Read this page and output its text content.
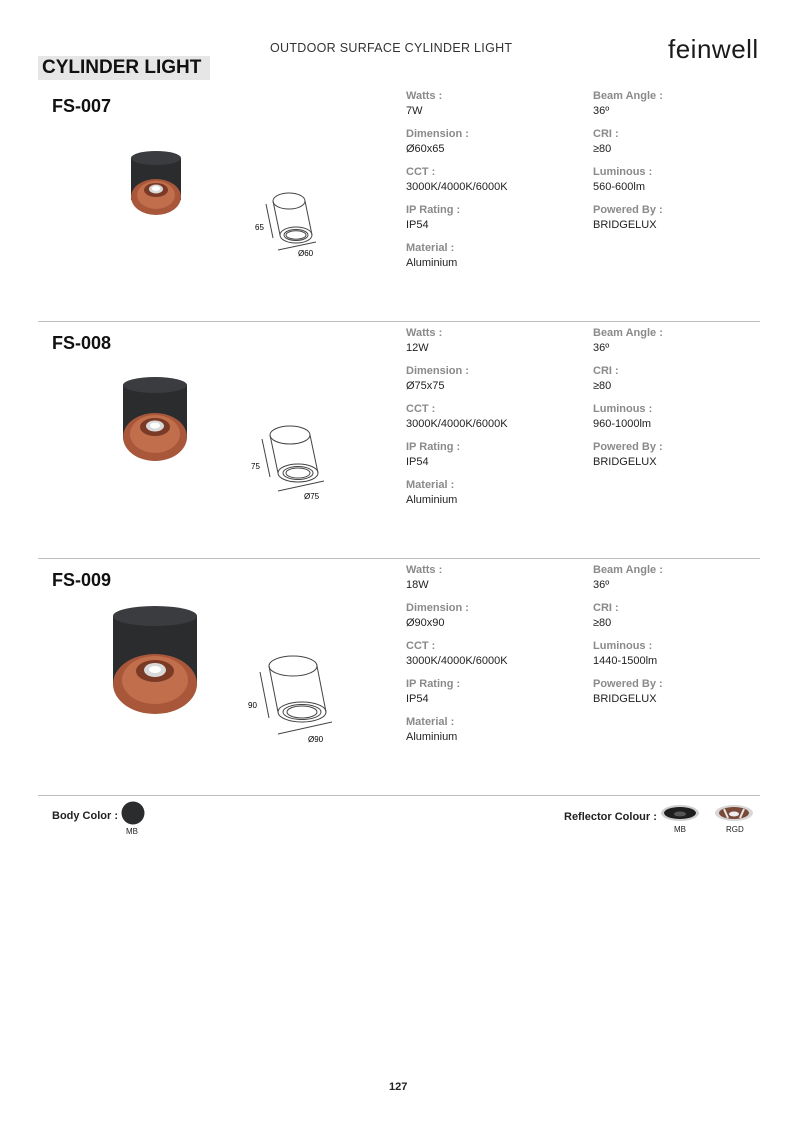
OUTDOOR SURFACE CYLINDER LIGHT	feinwell
CYLINDER LIGHT
FS-007
65
Ø60
Watts :
7W
Dimension :
Ø60x65
CCT :
3000K/4000K/6000K
IP Rating :
IP54
Material :
Aluminium
Beam Angle :
36º
CRI :
≥80
Luminous :
560-600lm
Powered By :
BRIDGELUX
FS-008
75
Ø75
Watts :
12W
Dimension :
Ø75x75
CCT :
3000K/4000K/6000K
IP Rating :
IP54
Material :
Aluminium
Beam Angle :
36º
CRI :
≥80
Luminous :
960-1000lm
Powered By :
BRIDGELUX
FS-009
90
Ø90
Watts :
18W
Dimension :
Ø90x90
CCT :
3000K/4000K/6000K
IP Rating :
IP54
Material :
Aluminium
Beam Angle :
36º
CRI :
≥80
Luminous :
1440-1500lm
Powered By :
BRIDGELUX
Body Color :
MB
Reflector Colour :
MB	RGD
127
